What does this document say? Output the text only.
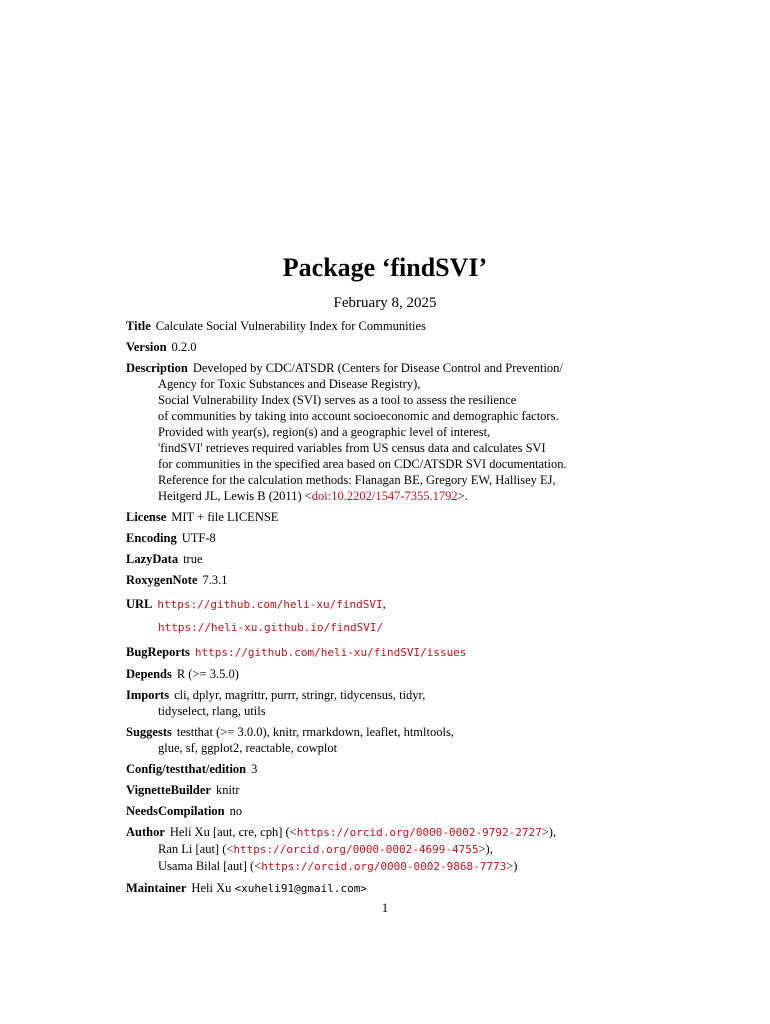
Package ‘findSVI’
February 8, 2025
Title Calculate Social Vulnerability Index for Communities
Version 0.2.0
Description Developed by CDC/ATSDR (Centers for Disease Control and Prevention/
Agency for Toxic Substances and Disease Registry),
Social Vulnerability Index (SVI) serves as a tool to assess the resilience
of communities by taking into account socioeconomic and demographic factors.
Provided with year(s), region(s) and a geographic level of interest,
'findSVI' retrieves required variables from US census data and calculates SVI
for communities in the specified area based on CDC/ATSDR SVI documentation.
Reference for the calculation methods: Flanagan BE, Gregory EW, Hallisey EJ,
Heitgerd JL, Lewis B (2011) <doi:10.2202/1547-7355.1792>.
License MIT + file LICENSE
Encoding UTF-8
LazyData true
RoxygenNote 7.3.1
URL https://github.com/heli-xu/findSVI,
https://heli-xu.github.io/findSVI/
BugReports https://github.com/heli-xu/findSVI/issues
Depends R (>= 3.5.0)
Imports cli, dplyr, magrittr, purrr, stringr, tidycensus, tidyr,
tidyselect, rlang, utils
Suggests testthat (>= 3.0.0), knitr, rmarkdown, leaflet, htmltools,
glue, sf, ggplot2, reactable, cowplot
Config/testthat/edition 3
VignetteBuilder knitr
NeedsCompilation no
Author Heli Xu [aut, cre, cph] (<https://orcid.org/0000-0002-9792-2727>),
Ran Li [aut] (<https://orcid.org/0000-0002-4699-4755>),
Usama Bilal [aut] (<https://orcid.org/0000-0002-9868-7773>)
Maintainer Heli Xu <xuheli91@gmail.com>
1
